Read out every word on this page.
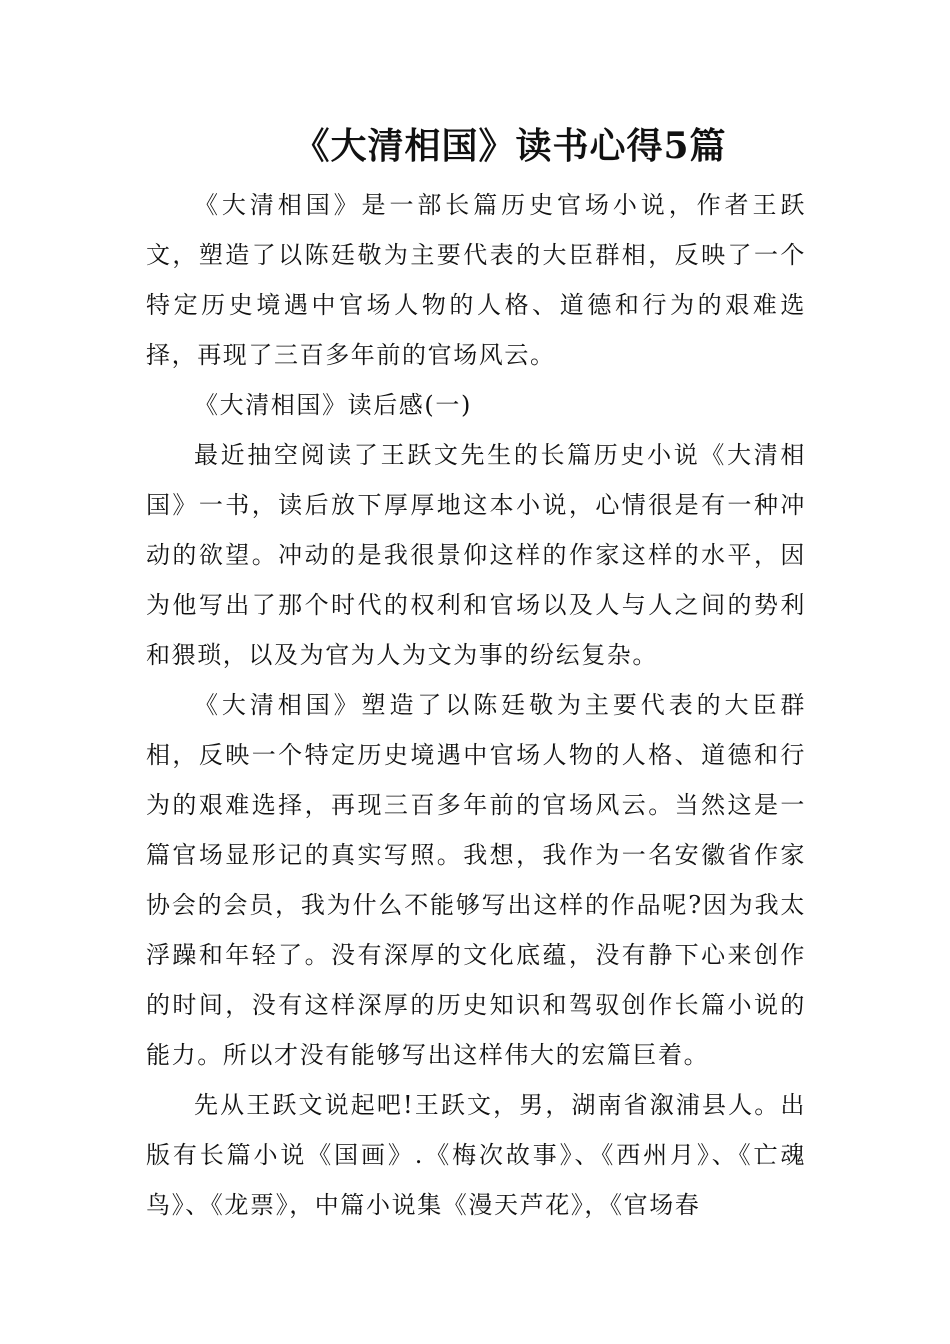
《大清相国》读书心得5篇

《大清相国》是一部长篇历史官场小说，作者王跃文，塑造了以陈廷敬为主要代表的大臣群相，反映了一个特定历史境遇中官场人物的人格、道德和行为的艰难选择，再现了三百多年前的官场风云。

《大清相国》读后感(一)

最近抽空阅读了王跃文先生的长篇历史小说《大清相国》一书，读后放下厚厚地这本小说，心情很是有一种冲动的欲望。冲动的是我很景仰这样的作家这样的水平，因为他写出了那个时代的权利和官场以及人与人之间的势利和猥琐，以及为官为人为文为事的纷纭复杂。

《大清相国》塑造了以陈廷敬为主要代表的大臣群相，反映一个特定历史境遇中官场人物的人格、道德和行为的艰难选择，再现三百多年前的官场风云。当然这是一篇官场显形记的真实写照。我想，我作为一名安徽省作家协会的会员，我为什么不能够写出这样的作品呢?因为我太浮躁和年轻了。没有深厚的文化底蕴，没有静下心来创作的时间，没有这样深厚的历史知识和驾驭创作长篇小说的能力。所以才没有能够写出这样伟大的宏篇巨着。

先从王跃文说起吧!王跃文，男，湖南省溆浦县人。出版有长篇小说《国画》.《梅次故事》、《西州月》、《亡魂鸟》、《龙票》，中篇小说集《漫天芦花》，《官场春
